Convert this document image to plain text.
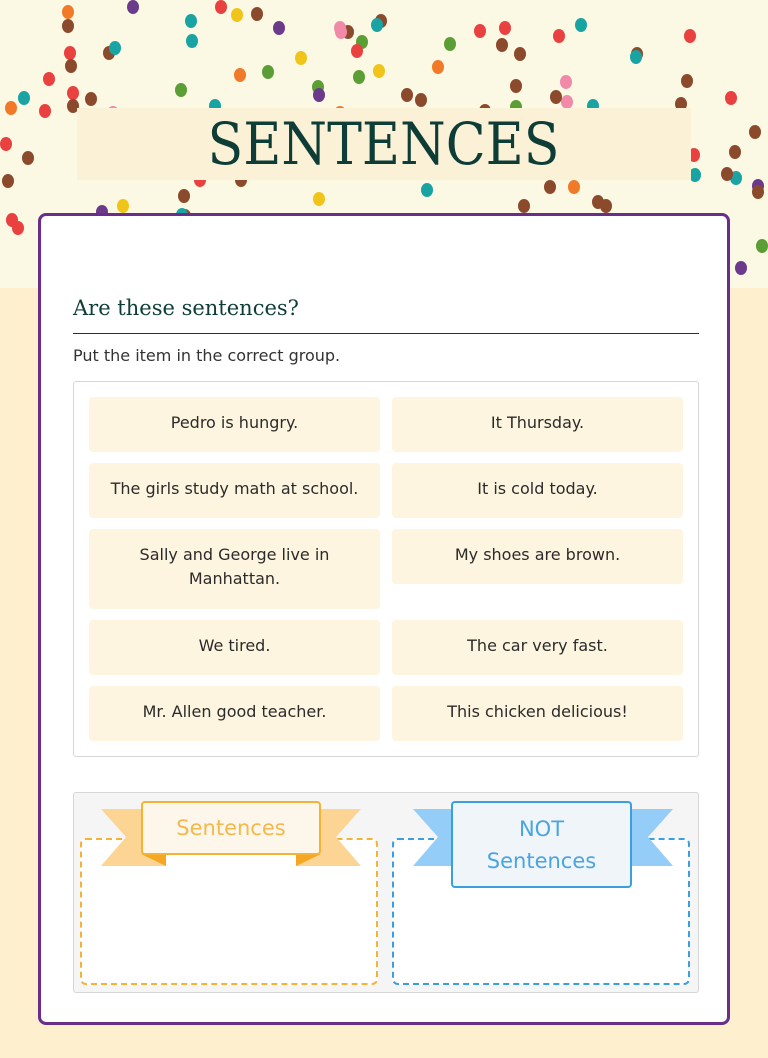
SENTENCES
Are these sentences?
Put the item in the correct group.
Pedro is hungry.	It Thursday.
The girls study math at school.	It is cold today.
Sally and George live in Manhattan.
My shoes are brown.
We tired.	The car very fast.
Mr. Allen good teacher.	This chicken delicious!
Sentences	NOT Sentences
